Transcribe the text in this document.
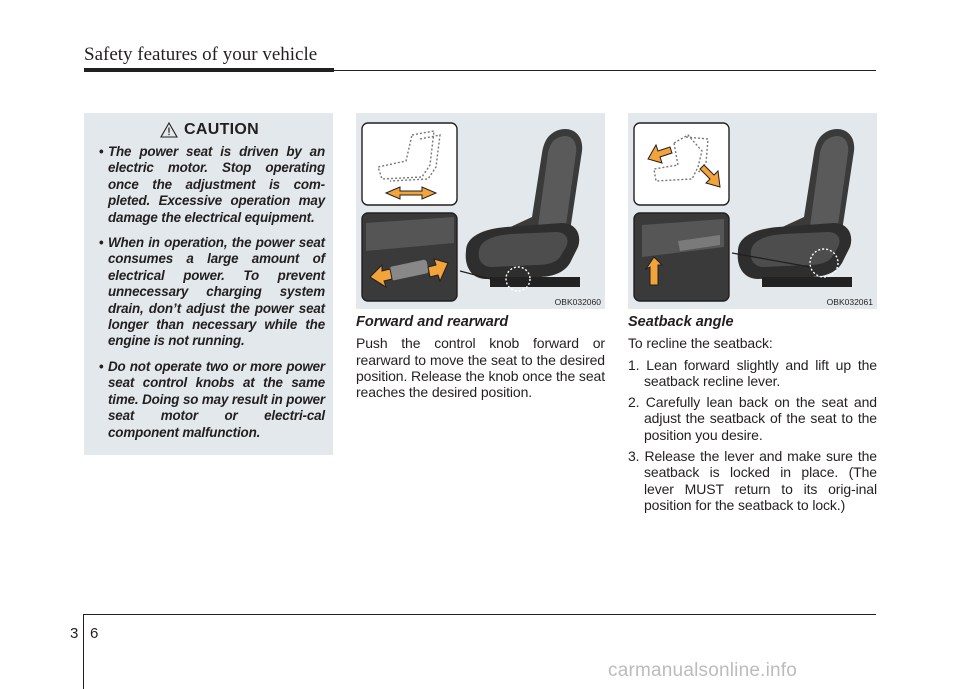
Safety features of your vehicle
CAUTION
• The power seat is driven by an electric motor. Stop operating once the adjustment is com-pleted. Excessive operation may damage the electrical equipment.
• When in operation, the power seat consumes a large amount of electrical power. To prevent unnecessary charging system drain, don’t adjust the power seat longer than necessary while the engine is not running.
• Do not operate two or more power seat control knobs at the same time. Doing so may result in power seat motor or electri-cal component malfunction.
OBK032060	OBK032061

Forward and rearward

Push the control knob forward or rearward to move the seat to the desired position. Release the knob once the seat reaches the desired position.

Seatback angle

To recline the seatback:

1. Lean forward slightly and lift up the seatback recline lever.
2. Carefully lean back on the seat and adjust the seatback of the seat to the position you desire.
3. Release the lever and make sure the seatback is locked in place. (The lever MUST return to its orig-inal position for the seatback to lock.)
3 6
carmanualsonline.info
